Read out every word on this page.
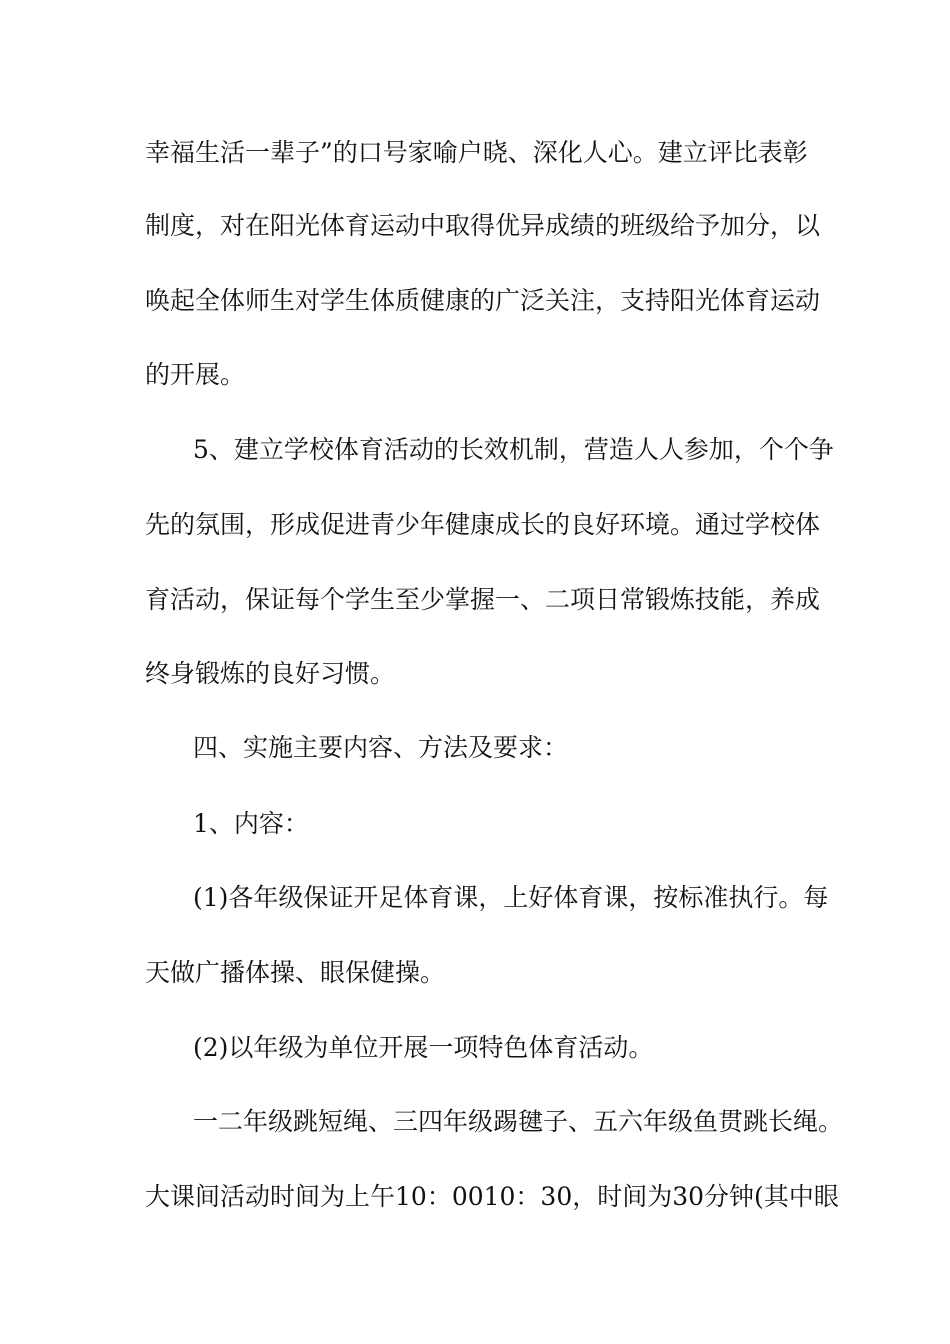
幸福生活一辈子”的口号家喻户晓、深化人心。建立评比表彰
制度，对在阳光体育运动中取得优异成绩的班级给予加分，以
唤起全体师生对学生体质健康的广泛关注，支持阳光体育运动
的开展。
5、建立学校体育活动的长效机制，营造人人参加，个个争
先的氛围，形成促进青少年健康成长的良好环境。通过学校体
育活动，保证每个学生至少掌握一、二项日常锻炼技能，养成
终身锻炼的良好习惯。
四、实施主要内容、方法及要求：
1、内容：
(1)各年级保证开足体育课，上好体育课，按标准执行。每
天做广播体操、眼保健操。
(2)以年级为单位开展一项特色体育活动。
一二年级跳短绳、三四年级踢毽子、五六年级鱼贯跳长绳。
大课间活动时间为上午10：0010：30，时间为30分钟(其中眼
